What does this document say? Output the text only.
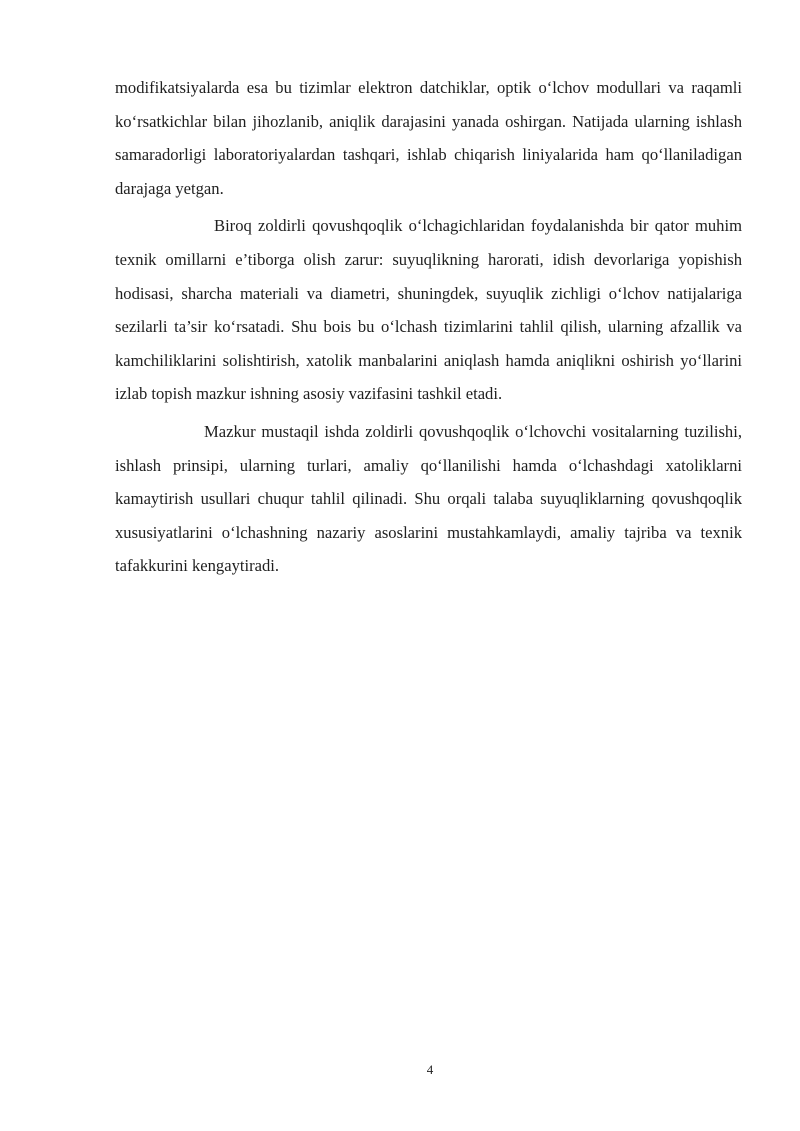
modifikatsiyalarda esa bu tizimlar elektron datchiklar, optik o‘lchov modullari va raqamli ko‘rsatkichlar bilan jihozlanib, aniqlik darajasini yanada oshirgan. Natijada ularning ishlash samaradorligi laboratoriyalardan tashqari, ishlab chiqarish liniyalarida ham qo‘llaniladigan darajaga yetgan.

Biroq zoldirli qovushqoqlik o‘lchagichlaridan foydalanishda bir qator muhim texnik omillarni e’tiborga olish zarur: suyuqlikning harorati, idish devorlariga yopishish hodisasi, sharcha materiali va diametri, shuningdek, suyuqlik zichligi o‘lchov natijalariga sezilarli ta’sir ko‘rsatadi. Shu bois bu o‘lchash tizimlarini tahlil qilish, ularning afzallik va kamchiliklarini solishtirish, xatolik manbalarini aniqlash hamda aniqlikni oshirish yo‘llarini izlab topish mazkur ishning asosiy vazifasini tashkil etadi.

Mazkur mustaqil ishda zoldirli qovushqoqlik o‘lchovchi vositalarning tuzilishi, ishlash prinsipi, ularning turlari, amaliy qo‘llanilishi hamda o‘lchashdagi xatoliklarni kamaytirish usullari chuqur tahlil qilinadi. Shu orqali talaba suyuqliklarning qovushqoqlik xususiyatlarini o‘lchashning nazariy asoslarini mustahkamlaydi, amaliy tajriba va texnik tafakkurini kengaytiradi.

4
